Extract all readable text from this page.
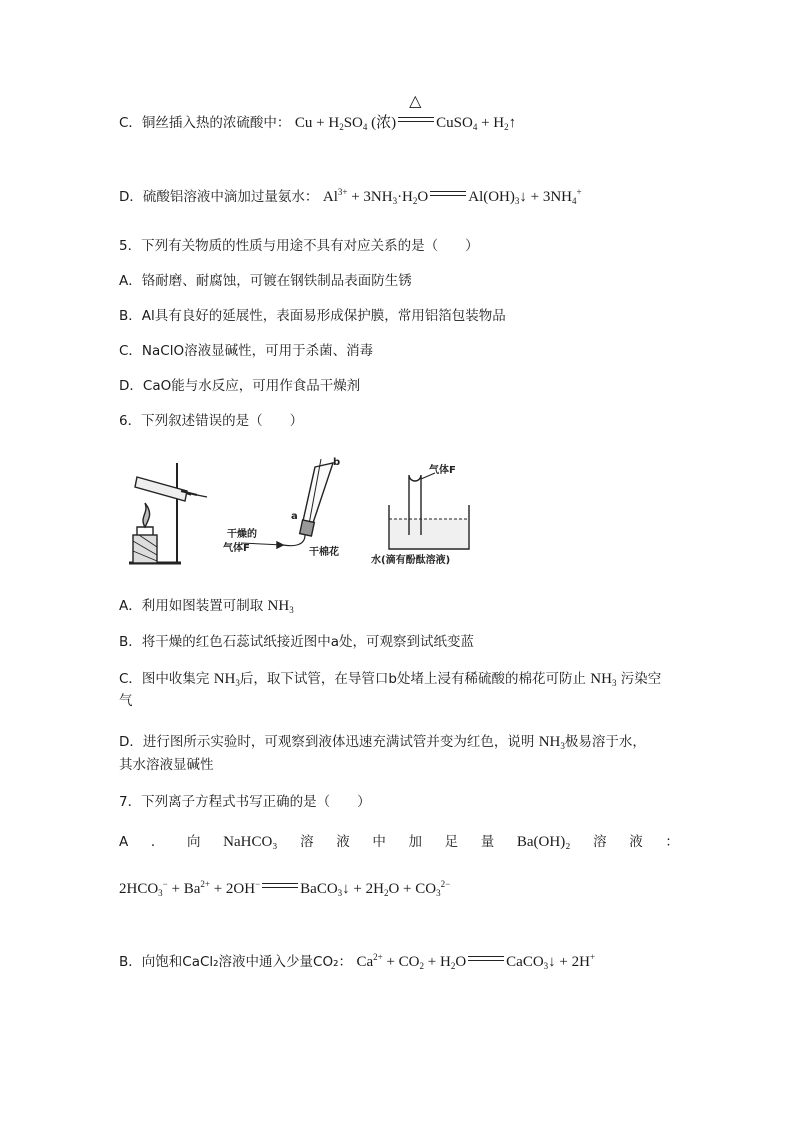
C．铜丝插入热的浓硫酸中： $Cu + H_2SO_4$ (浓)
△
CuSO$_4$ + $H_2↑$
D．硫酸铝溶液中滴加过量氨水： $Al^{3+} + 3NH_3\cdot H_2O$	$Al(OH)_3↓ + 3NH_4^+$
5．下列有关物质的性质与用途不具有对应关系的是（　　）
A．铬耐磨、耐腐蚀，可镀在钢铁制品表面防生锈
B．Al具有良好的延展性，表面易形成保护膜，常用铝箔包装物品
C．NaClO溶液显碱性，可用于杀菌、消毒
D．CaO能与水反应，可用作食品干燥剂
6．下列叙述错误的是（　　）
b
a
干燥的
气体F	干棉花
气体F
水(滴有酚酞溶液)
A．利用如图装置可制取 $NH_3$
B．将干燥的红色石蕊试纸接近图中a处，可观察到试纸变蓝
C．图中收集完 $NH_3$后，取下试管，在导管口b处堵上浸有稀硫酸的棉花可防止 $NH_3$ 污染空
气
D．进行图所示实验时，可观察到液体迅速充满试管并变为红色，说明 $NH_3$极易溶于水，
其水溶液显碱性
7．下列离子方程式书写正确的是（　　）
A ． 向 NaHCO₃ 溶 液 中 加 足 量 Ba(OH)₂ 溶 液 ：
$2HCO_3^- + Ba^{2+} + 2OH^-$	BaCO$_3$↓ + $2H_2O + CO_3^{2-}$
B．向饱和CaCl₂溶液中通入少量CO₂： $Ca^{2+} + CO_2 + H_2O$	CaCO$_3$↓ + 2H+
